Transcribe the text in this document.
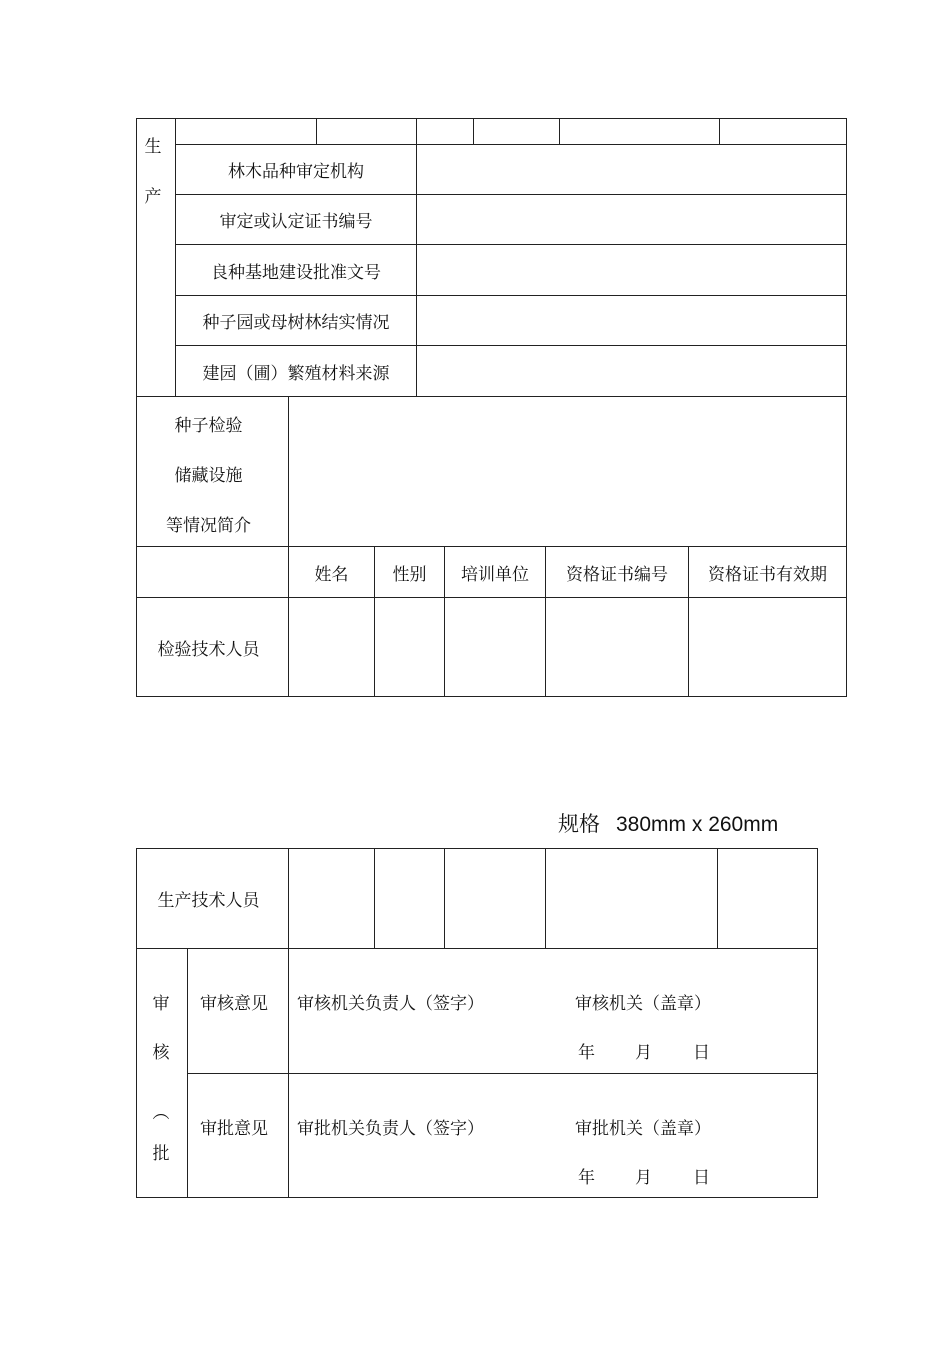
生
产
林木品种审定机构
审定或认定证书编号
良种基地建设批准文号
种子园或母树林结实情况
建园（圃）繁殖材料来源
种子检验
储藏设施
等情况简介
姓名	性别	培训单位	资格证书编号	资格证书有效期
检验技术人员
规格 380mm x 260mm
生产技术人员
审
核
︵
批
审核意见	审核机关负责人（签字）	审核机关（盖章）
年 月 日
审批意见	审批机关负责人（签字）	审批机关（盖章）
年 月 日
